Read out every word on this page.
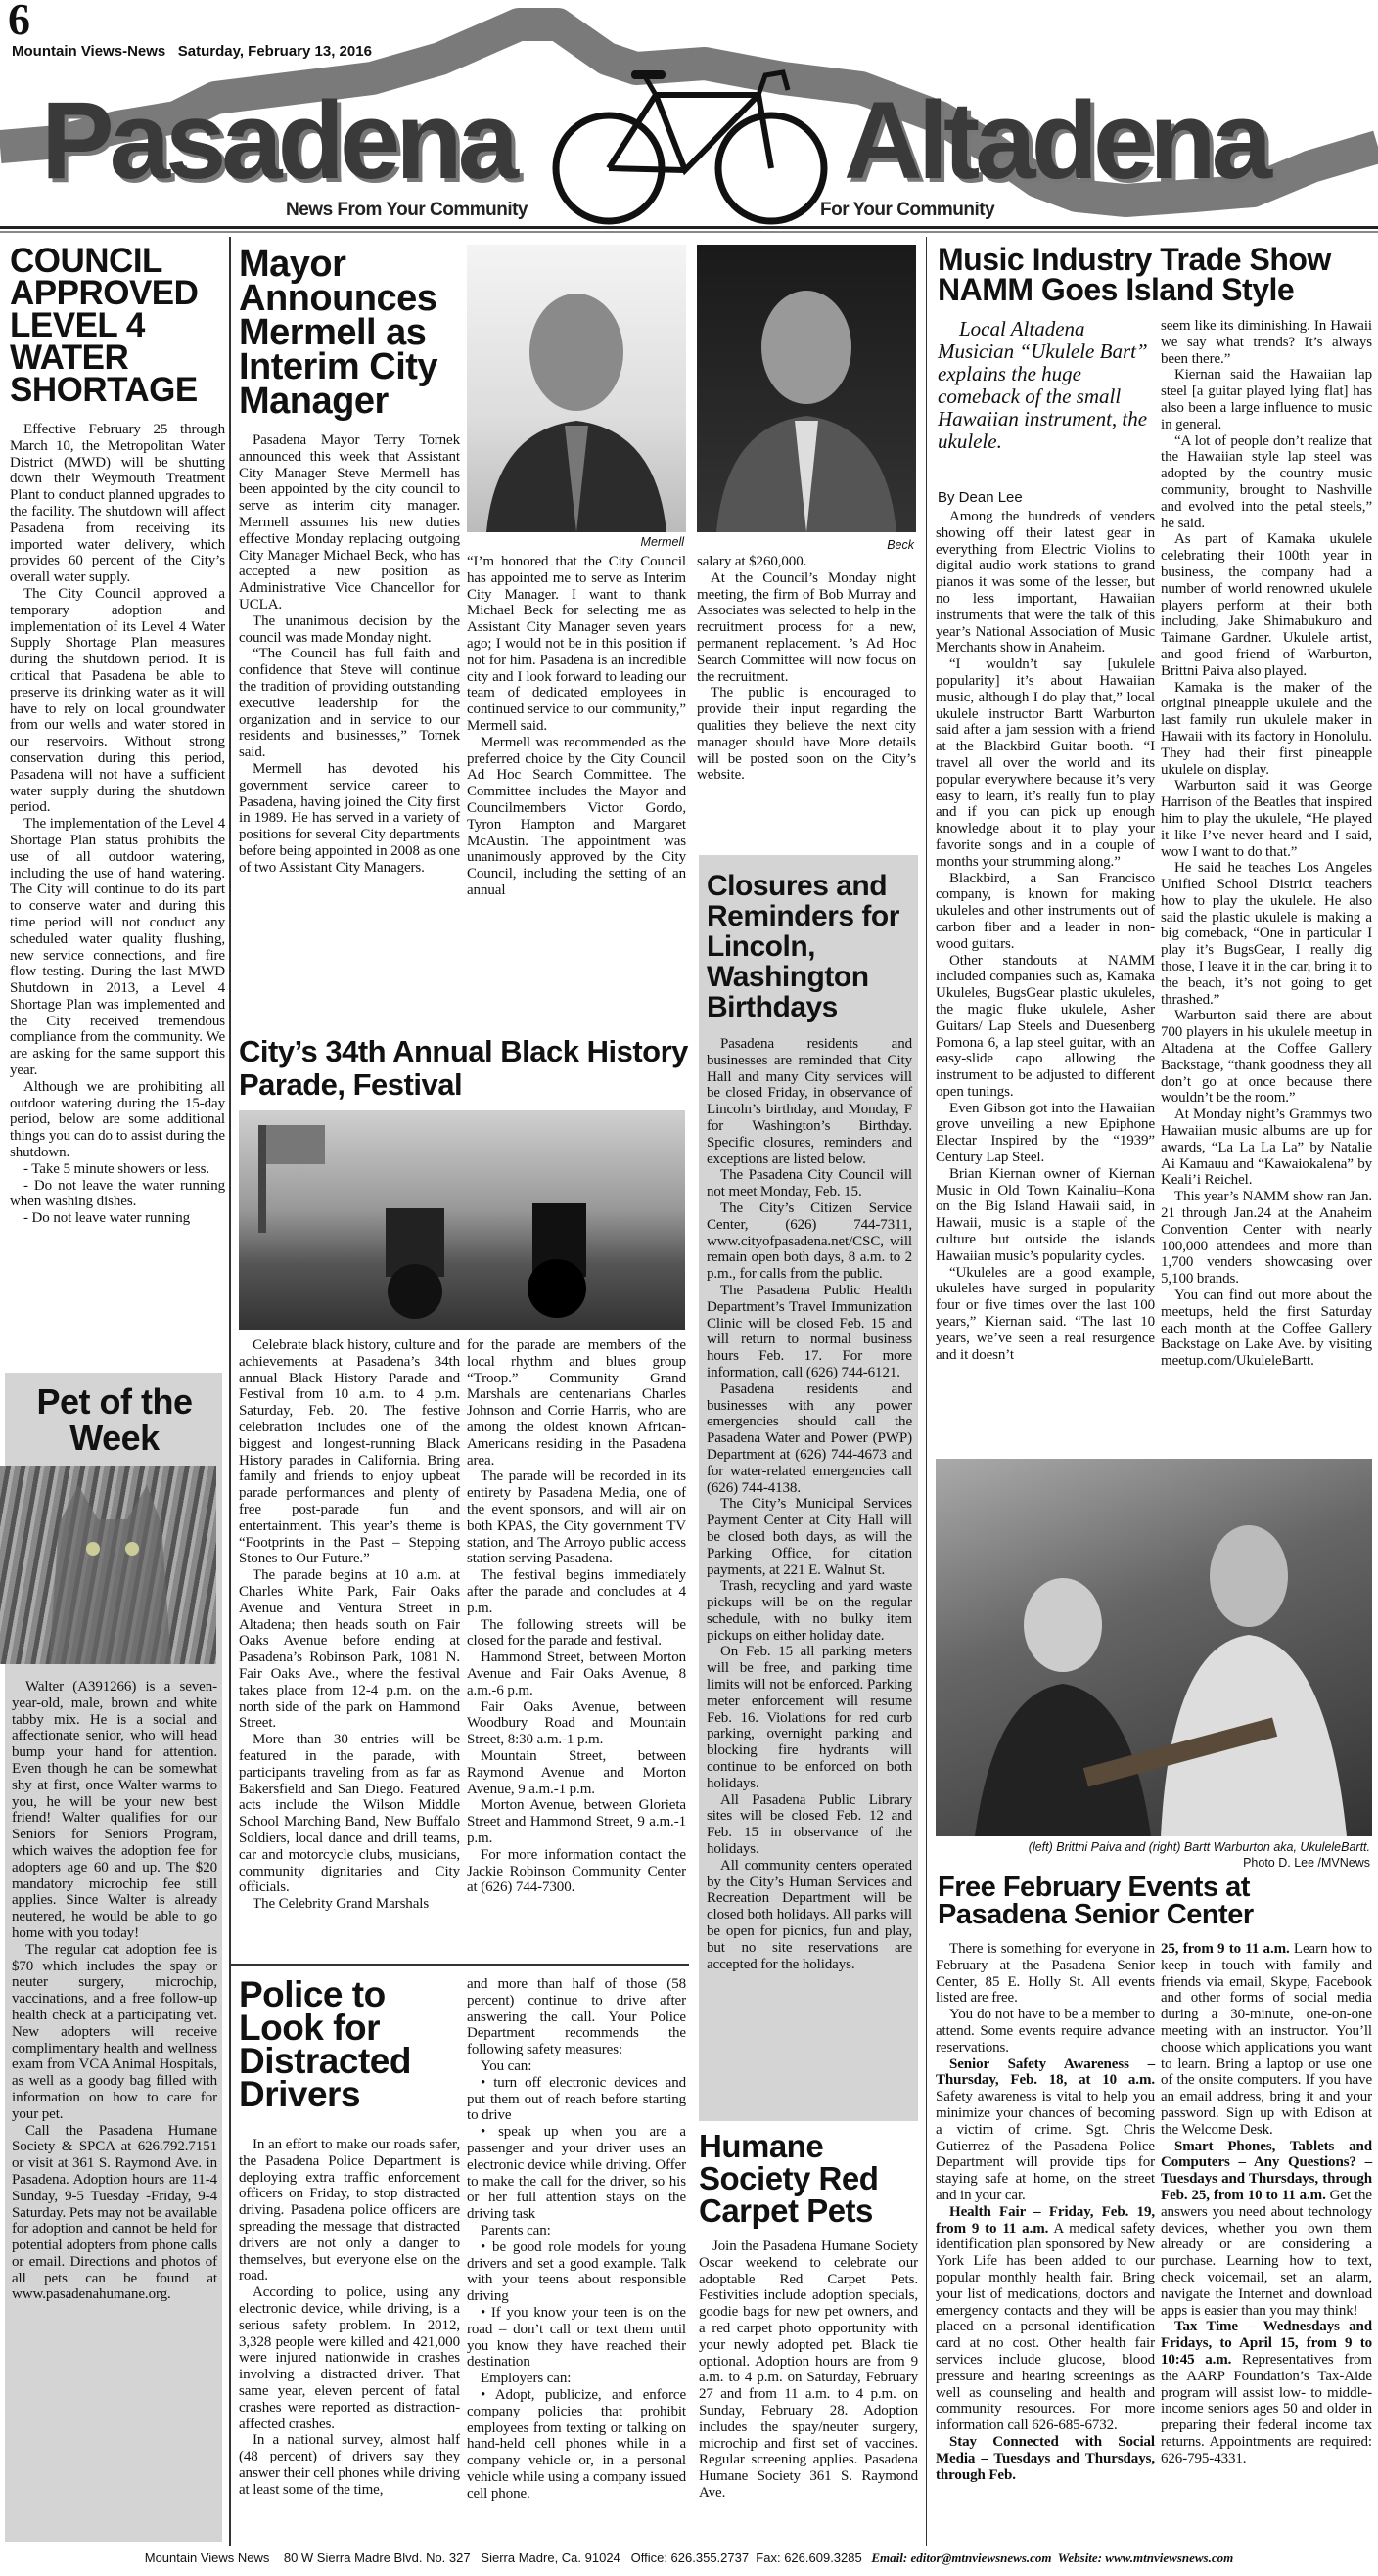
6
Mountain Views-News   Saturday, February 13, 2016
Pasadena	Altadena
News From Your Community	For Your Community
COUNCIL APPROVED LEVEL 4 WATER SHORTAGE

Effective February 25 through March 10, the Metropolitan Water District (MWD) will be shutting down their Weymouth Treatment Plant to conduct planned upgrades to the facility. The shutdown will affect Pasadena from receiving its imported water delivery, which provides 60 percent of the City’s overall water supply.

The City Council approved a temporary adoption and implementation of its Level 4 Water Supply Shortage Plan measures during the shutdown period. It is critical that Pasadena be able to preserve its drinking water as it will have to rely on local groundwater from our wells and water stored in our reservoirs. Without strong conservation during this period, Pasadena will not have a sufficient water supply during the shutdown period.

The implementation of the Level 4 Shortage Plan status prohibits the use of all outdoor watering, including the use of hand watering. The City will continue to do its part to conserve water and during this time period will not conduct any scheduled water quality flushing, new service connections, and fire flow testing. During the last MWD Shutdown in 2013, a Level 4 Shortage Plan was implemented and the City received tremendous compliance from the community. We are asking for the same support this year.

Although we are prohibiting all outdoor watering during the 15-day period, below are some additional things you can do to assist during the shutdown.

- Take 5 minute showers or less.

- Do not leave the water running when washing dishes.

- Do not leave water running

Pet of the Week

Walter (A391266) is a seven-year-old, male, brown and white tabby mix. He is a social and affectionate senior, who will head bump your hand for attention. Even though he can be somewhat shy at first, once Walter warms to you, he will be your new best friend! Walter qualifies for our Seniors for Seniors Program, which waives the adoption fee for adopters age 60 and up. The $20 mandatory microchip fee still applies. Since Walter is already neutered, he would be able to go home with you today!

The regular cat adoption fee is $70 which includes the spay or neuter surgery, microchip, vaccinations, and a free follow-up health check at a participating vet. New adopters will receive complimentary health and wellness exam from VCA Animal Hospitals, as well as a goody bag filled with information on how to care for your pet.

Call the Pasadena Humane Society & SPCA at 626.792.7151 or visit at 361 S. Raymond Ave. in Pasadena. Adoption hours are 11-4 Sunday, 9-5 Tuesday -Friday, 9-4 Saturday. Pets may not be available for adoption and cannot be held for potential adopters from phone calls or email. Directions and photos of all pets can be found at www.pasadenahumane.org.

Mayor Announces Mermell as Interim City Manager

Pasadena Mayor Terry Tornek announced this week that Assistant City Manager Steve Mermell has been appointed by the city council to serve as interim city manager. Mermell assumes his new duties effective Monday replacing outgoing City Manager Michael Beck, who has accepted a new position as Administrative Vice Chancellor for UCLA.

The unanimous decision by the council was made Monday night.

“The Council has full faith and confidence that Steve will continue the tradition of providing outstanding executive leadership for the organization and in service to our residents and businesses,” Tornek said.

Mermell has devoted his government service career to Pasadena, having joined the City first in 1989. He has served in a variety of positions for several City departments before being appointed in 2008 as one of two Assistant City Managers.

Mermell	Beck

“I’m honored that the City Council has appointed me to serve as Interim City Manager. I want to thank Michael Beck for selecting me as Assistant City Manager seven years ago; I would not be in this position if not for him. Pasadena is an incredible city and I look forward to leading our team of dedicated employees in continued service to our community,” Mermell said.

Mermell was recommended as the preferred choice by the City Council Ad Hoc Search Committee. The Committee includes the Mayor and Councilmembers Victor Gordo, Tyron Hampton and Margaret McAustin. The appointment was unanimously approved by the City Council, including the setting of an annual

salary at $260,000.

At the Council’s Monday night meeting, the firm of Bob Murray and Associates was selected to help in the recruitment process for a new, permanent replacement. ’s Ad Hoc Search Committee will now focus on the recruitment.

The public is encouraged to provide their input regarding the qualities they believe the next city manager should have More details will be posted soon on the City’s website.

City’s 34th Annual Black History Parade, Festival

Celebrate black history, culture and achievements at Pasadena’s 34th annual Black History Parade and Festival from 10 a.m. to 4 p.m. Saturday, Feb. 20. The festive celebration includes one of the biggest and longest-running Black History parades in California. Bring family and friends to enjoy upbeat parade performances and plenty of free post-parade fun and entertainment. This year’s theme is “Footprints in the Past – Stepping Stones to Our Future.”

The parade begins at 10 a.m. at Charles White Park, Fair Oaks Avenue and Ventura Street in Altadena; then heads south on Fair Oaks Avenue before ending at Pasadena’s Robinson Park, 1081 N. Fair Oaks Ave., where the festival takes place from 12-4 p.m. on the north side of the park on Hammond Street.

More than 30 entries will be featured in the parade, with participants traveling from as far as Bakersfield and San Diego. Featured acts include the Wilson Middle School Marching Band, New Buffalo Soldiers, local dance and drill teams, car and motorcycle clubs, musicians, community dignitaries and City officials.

The Celebrity Grand Marshals

for the parade are members of the local rhythm and blues group “Troop.” Community Grand Marshals are centenarians Charles Johnson and Corrie Harris, who are among the oldest known African-Americans residing in the Pasadena area.

The parade will be recorded in its entirety by Pasadena Media, one of the event sponsors, and will air on both KPAS, the City government TV station, and The Arroyo public access station serving Pasadena.

The festival begins immediately after the parade and concludes at 4 p.m.

The following streets will be closed for the parade and festival.

Hammond Street, between Morton Avenue and Fair Oaks Avenue, 8 a.m.-6 p.m.

Fair Oaks Avenue, between Woodbury Road and Mountain Street, 8:30 a.m.-1 p.m.

Mountain Street, between Raymond Avenue and Morton Avenue, 9 a.m.-1 p.m.

Morton Avenue, between Glorieta Street and Hammond Street, 9 a.m.-1 p.m.

For more information contact the Jackie Robinson Community Center at (626) 744-7300.

Police to Look for Distracted Drivers

In an effort to make our roads safer, the Pasadena Police Department is deploying extra traffic enforcement officers on Friday, to stop distracted driving. Pasadena police officers are spreading the message that distracted drivers are not only a danger to themselves, but everyone else on the road.

According to police, using any electronic device, while driving, is a serious safety problem. In 2012, 3,328 people were killed and 421,000 were injured nationwide in crashes involving a distracted driver. That same year, eleven percent of fatal crashes were reported as distraction-affected crashes.

In a national survey, almost half (48 percent) of drivers say they answer their cell phones while driving at least some of the time,

and more than half of those (58 percent) continue to drive after answering the call. Your Police Department recommends the following safety measures:

You can:

• turn off electronic devices and put them out of reach before starting to drive

• speak up when you are a passenger and your driver uses an electronic device while driving. Offer to make the call for the driver, so his or her full attention stays on the driving task

Parents can:

• be good role models for young drivers and set a good example. Talk with your teens about responsible driving

• If you know your teen is on the road – don’t call or text them until you know they have reached their destination

Employers can:

• Adopt, publicize, and enforce company policies that prohibit employees from texting or talking on hand-held cell phones while in a company vehicle or, in a personal vehicle while using a company issued cell phone.

Closures and Reminders for Lincoln, Washington Birthdays

Pasadena residents and businesses are reminded that City Hall and many City services will be closed Friday, in observance of Lincoln’s birthday, and Monday, F for Washington’s Birthday. Specific closures, reminders and exceptions are listed below.

The Pasadena City Council will not meet Monday, Feb. 15.

The City’s Citizen Service Center, (626) 744-7311, www.cityofpasadena.net/CSC, will remain open both days, 8 a.m. to 2 p.m., for calls from the public.

The Pasadena Public Health Department’s Travel Immunization Clinic will be closed Feb. 15 and will return to normal business hours Feb. 17. For more information, call (626) 744-6121.

Pasadena residents and businesses with any power emergencies should call the Pasadena Water and Power (PWP) Department at (626) 744-4673 and for water-related emergencies call (626) 744-4138.

The City’s Municipal Services Payment Center at City Hall will be closed both days, as will the Parking Office, for citation payments, at 221 E. Walnut St.

Trash, recycling and yard waste pickups will be on the regular schedule, with no bulky item pickups on either holiday date.

On Feb. 15 all parking meters will be free, and parking time limits will not be enforced. Parking meter enforcement will resume Feb. 16. Violations for red curb parking, overnight parking and blocking fire hydrants will continue to be enforced on both holidays.

All Pasadena Public Library sites will be closed Feb. 12 and Feb. 15 in observance of the holidays.

All community centers operated by the City’s Human Services and Recreation Department will be closed both holidays. All parks will be open for picnics, fun and play, but no site reservations are accepted for the holidays.

Humane Society Red Carpet Pets

Join the Pasadena Humane Society Oscar weekend to celebrate our adoptable Red Carpet Pets. Festivities include adoption specials, goodie bags for new pet owners, and a red carpet photo opportunity with your newly adopted pet. Black tie optional. Adoption hours are from 9 a.m. to 4 p.m. on Saturday, February 27 and from 11 a.m. to 4 p.m. on Sunday, February 28. Adoption includes the spay/neuter surgery, microchip and first set of vaccines. Regular screening applies. Pasadena Humane Society 361 S. Raymond Ave.

Music Industry Trade Show NAMM Goes Island Style
Local Altadena Musician “Ukulele Bart” explains the huge comeback of the small Hawaiian instrument, the ukulele.
By Dean Lee

Among the hundreds of venders showing off their latest gear in everything from Electric Violins to digital audio work stations to grand pianos it was some of the lesser, but no less important, Hawaiian instruments that were the talk of this year’s National Association of Music Merchants show in Anaheim.

“I wouldn’t say [ukulele popularity] it’s about Hawaiian music, although I do play that,” local ukulele instructor Bartt Warburton said after a jam session with a friend at the Blackbird Guitar booth. “I travel all over the world and its popular everywhere because it’s very easy to learn, it’s really fun to play and if you can pick up enough knowledge about it to play your favorite songs and in a couple of months your strumming along.”

Blackbird, a San Francisco company, is known for making ukuleles and other instruments out of carbon fiber and a leader in non-wood guitars.

Other standouts at NAMM included companies such as, Kamaka Ukuleles, BugsGear plastic ukuleles, the magic fluke ukulele, Asher Guitars/ Lap Steels and Duesenberg Pomona 6, a lap steel guitar, with an easy-slide capo allowing the instrument to be adjusted to different open tunings.

Even Gibson got into the Hawaiian grove unveiling a new Epiphone Electar Inspired by the “1939” Century Lap Steel.

Brian Kiernan owner of Kiernan Music in Old Town Kainaliu–Kona on the Big Island Hawaii said, in Hawaii, music is a staple of the culture but outside the islands Hawaiian music’s popularity cycles.

“Ukuleles are a good example, ukuleles have surged in popularity four or five times over the last 100 years,” Kiernan said. “The last 10 years, we’ve seen a real resurgence and it doesn’t

seem like its diminishing. In Hawaii we say what trends? It’s always been there.”

Kiernan said the Hawaiian lap steel [a guitar played lying flat] has also been a large influence to music in general.

“A lot of people don’t realize that the Hawaiian style lap steel was adopted by the country music community, brought to Nashville and evolved into the petal steels,” he said.

As part of Kamaka ukulele celebrating their 100th year in business, the company had a number of world renowned ukulele players perform at their both including, Jake Shimabukuro and Taimane Gardner. Ukulele artist, and good friend of Warburton, Brittni Paiva also played.

Kamaka is the maker of the original pineapple ukulele and the last family run ukulele maker in Hawaii with its factory in Honolulu. They had their first pineapple ukulele on display.

Warburton said it was George Harrison of the Beatles that inspired him to play the ukulele, “He played it like I’ve never heard and I said, wow I want to do that.”

He said he teaches Los Angeles Unified School District teachers how to play the ukulele. He also said the plastic ukulele is making a big comeback, “One in particular I play it’s BugsGear, I really dig those, I leave it in the car, bring it to the beach, it’s not going to get thrashed.”

Warburton said there are about 700 players in his ukulele meetup in Altadena at the Coffee Gallery Backstage, “thank goodness they all don’t go at once because there wouldn’t be the room.”

At Monday night’s Grammys two Hawaiian music albums are up for awards, “La La La La” by Natalie Ai Kamauu and “Kawaiokalena” by Keali’i Reichel.

This year’s NAMM show ran Jan. 21 through Jan.24 at the Anaheim Convention Center with nearly 100,000 attendees and more than 1,700 venders showcasing over 5,100 brands.

You can find out more about the meetups, held the first Saturday each month at the Coffee Gallery Backstage on Lake Ave. by visiting meetup.com/UkuleleBartt.

(left) Brittni Paiva and (right) Bartt Warburton aka, UkuleleBartt.
Photo D. Lee /MVNews
Free February Events at Pasadena Senior Center

There is something for everyone in February at the Pasadena Senior Center, 85 E. Holly St. All events listed are free.

You do not have to be a member to attend. Some events require advance reservations.

Senior Safety Awareness – Thursday, Feb. 18, at 10 a.m. Safety awareness is vital to help you minimize your chances of becoming a victim of crime. Sgt. Chris Gutierrez of the Pasadena Police Department will provide tips for staying safe at home, on the street and in your car.

Health Fair – Friday, Feb. 19, from 9 to 11 a.m. A medical safety identification plan sponsored by New York Life has been added to our popular monthly health fair. Bring your list of medications, doctors and emergency contacts and they will be placed on a personal identification card at no cost. Other health fair services include glucose, blood pressure and hearing screenings as well as counseling and health and community resources. For more information call 626-685-6732.

Stay Connected with Social Media – Tuesdays and Thursdays, through Feb.

25, from 9 to 11 a.m. Learn how to keep in touch with family and friends via email, Skype, Facebook and other forms of social media during a 30-minute, one-on-one meeting with an instructor. You’ll choose which applications you want to learn. Bring a laptop or use one of the onsite computers. If you have an email address, bring it and your password. Sign up with Edison at the Welcome Desk.

Smart Phones, Tablets and Computers – Any Questions? – Tuesdays and Thursdays, through Feb. 25, from 10 to 11 a.m. Get the answers you need about technology devices, whether you own them already or are considering a purchase. Learning how to text, check voicemail, set an alarm, navigate the Internet and download apps is easier than you may think!

Tax Time – Wednesdays and Fridays, to April 15, from 9 to 10:45 a.m. Representatives from the AARP Foundation’s Tax-Aide program will assist low- to middle-income seniors ages 50 and older in preparing their federal income tax returns. Appointments are required: 626-795-4331.

Mountain Views News    80 W Sierra Madre Blvd. No. 327   Sierra Madre, Ca. 91024   Office: 626.355.2737  Fax: 626.609.3285 Email: editor@mtnviewsnews.com  Website: www.mtnviewsnews.com
